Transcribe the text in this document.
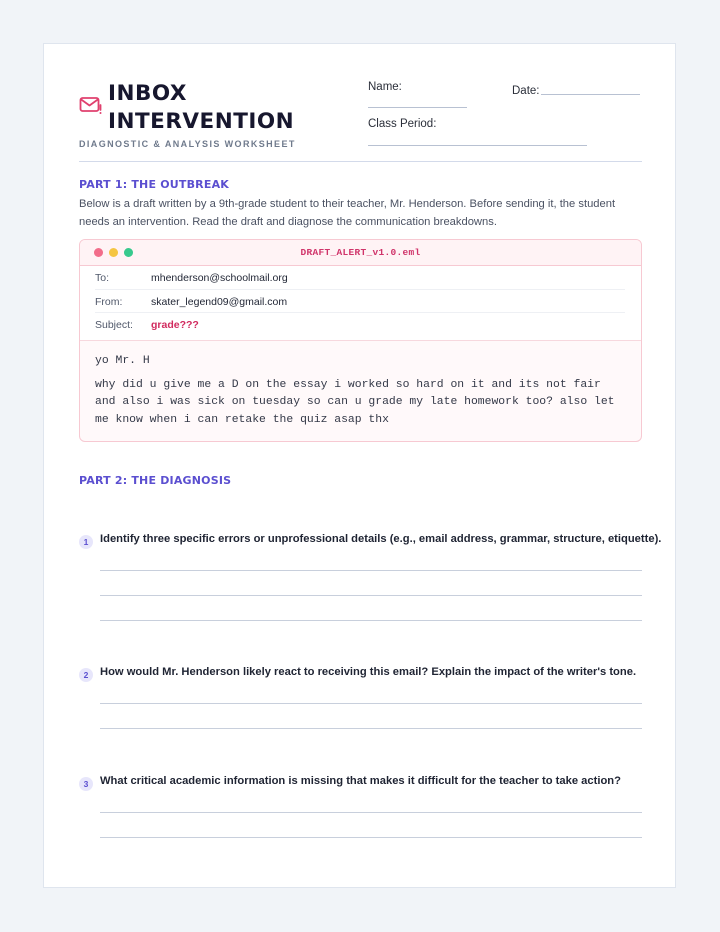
INBOX
INTERVENTION
DIAGNOSTIC & ANALYSIS WORKSHEET
Name:	Date:
Class Period:
PART 1: THE OUTBREAK
Below is a draft written by a 9th-grade student to their teacher, Mr. Henderson. Before sending it, the student needs an intervention. Read the draft and diagnose the communication breakdowns.
DRAFT_ALERT_v1.0.eml
To:	mhenderson@schoolmail.org
From:	skater_legend09@gmail.com
Subject: grade???
yo Mr. H
why did u give me a D on the essay i worked so hard on it and its not fair and also i was sick on tuesday so can u grade my late homework too? also let me know when i can retake the quiz asap thx
PART 2: THE DIAGNOSIS
1	Identify three specific errors or unprofessional details (e.g., email address, grammar, structure, etiquette).
2	How would Mr. Henderson likely react to receiving this email? Explain the impact of the writer's tone.
3	What critical academic information is missing that makes it difficult for the teacher to take action?
